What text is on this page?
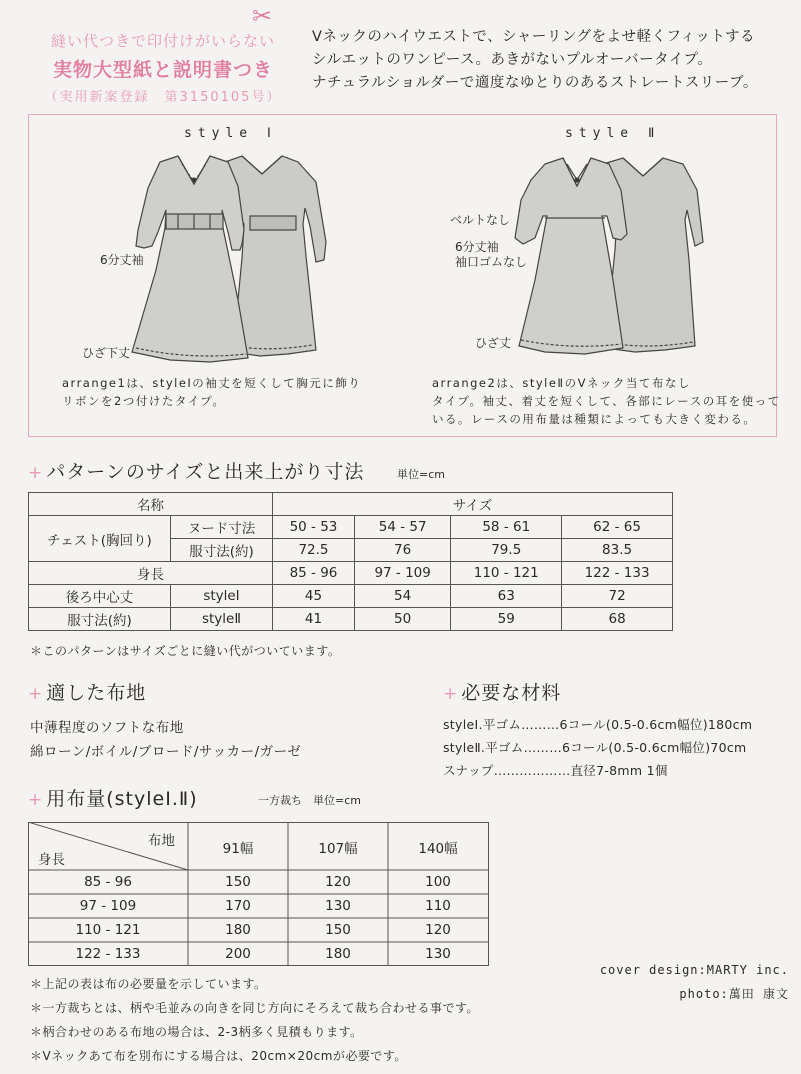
✂
縫い代つきで印付けがいらない
実物大型紙と説明書つき
（実用新案登録　第3150105号）
Vネックのハイウエストで、シャーリングをよせ軽くフィットする
シルエットのワンピース。あきがないプルオーバータイプ。
ナチュラルショルダーで適度なゆとりのあるストレートスリーブ。
style Ⅰ	style Ⅱ
6分丈袖
ひざ下丈
arrange1は、styleⅠの袖丈を短くして胸元に飾り
リボンを2つ付けたタイプ。
ベルトなし
6分丈袖
袖口ゴムなし
ひざ丈
arrange2は、styleⅡのVネック当て布なし
タイプ。袖丈、着丈を短くして、各部にレースの耳を使って
いる。レースの用布量は種類によっても大きく変わる。
+ パターンのサイズと出来上がり寸法	単位=cm
名称		サイズ			
チェスト(胸回り)	ヌード寸法	50 - 53	54 - 57	58 - 61	62 - 65
	服寸法(約)	72.5	76	79.5	83.5
身長		85 - 96	97 - 109	110 - 121	122 - 133
後ろ中心丈	styleⅠ	45	54	63	72
服寸法(約)	styleⅡ	41	50	59	68
＊このパターンはサイズごとに縫い代がついています。
+ 適した布地
中薄程度のソフトな布地
綿ローン/ボイル/ブロード/サッカー/ガーゼ
+ 必要な材料
styleⅠ.平ゴム………6コール(0.5-0.6cm幅位)180cm
styleⅡ.平ゴム………6コール(0.5-0.6cm幅位)70cm
スナップ………………直径7-8mm 1個
+ 用布量(styleⅠ.Ⅱ)	一方裁ち　単位=cm
布地
身長
91幅	107幅	140幅
85 - 96	150	120	100
97 - 109	170	130	110
110 - 121	180	150	120
122 - 133	200	180	130
＊上記の表は布の必要量を示しています。
＊一方裁ちとは、柄や毛並みの向きを同じ方向にそろえて裁ち合わせる事です。
＊柄合わせのある布地の場合は、2-3柄多く見積もります。
＊Vネックあて布を別布にする場合は、20cm×20cmが必要です。
cover design:MARTY inc.
photo:萬田 康文
